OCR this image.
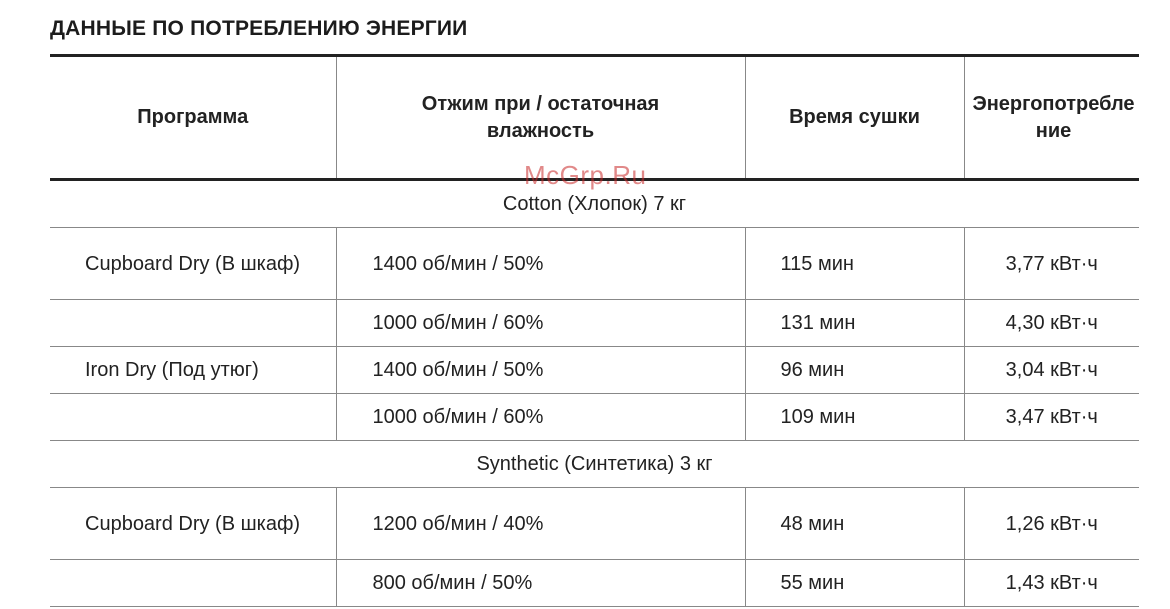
ДАННЫЕ ПО ПОТРЕБЛЕНИЮ ЭНЕРГИИ
Программа	Отжим при / остаточная влажность	Время сушки	Энергопотребление

Cotton (Хлопок) 7 кг			
Cupboard Dry (В шкаф)	1400 об/мин / 50%	115 мин	3,77 кВт·ч
	1000 об/мин / 60%	131 мин	4,30 кВт·ч
Iron Dry (Под утюг)	1400 об/мин / 50%	96 мин	3,04 кВт·ч
	1000 об/мин / 60%	109 мин	3,47 кВт·ч
Synthetic (Синтетика) 3 кг			
Cupboard Dry (В шкаф)	1200 об/мин / 40%	48 мин	1,26 кВт·ч
	800 об/мин / 50%	55 мин	1,43 кВт·ч
McGrp.Ru
